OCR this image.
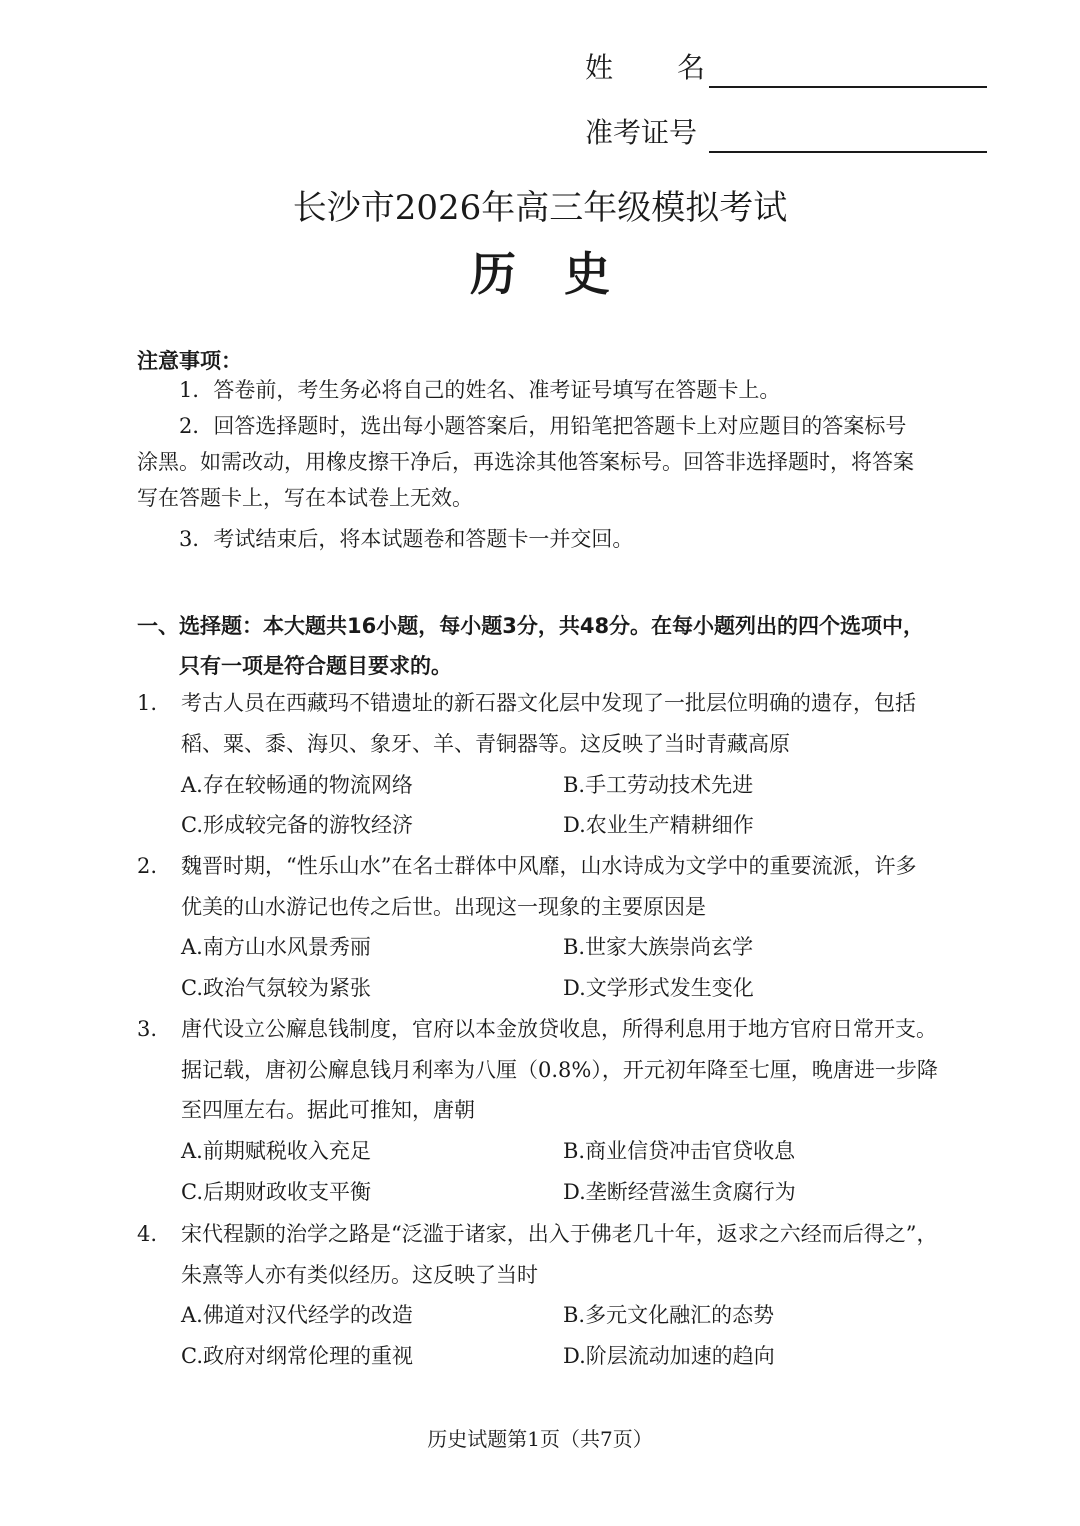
姓 名
准考证号
长沙市2026年高三年级模拟考试
历史
注意事项：
1．答卷前，考生务必将自己的姓名、准考证号填写在答题卡上。
2．回答选择题时，选出每小题答案后，用铅笔把答题卡上对应题目的答案标号
涂黑。如需改动，用橡皮擦干净后，再选涂其他答案标号。回答非选择题时，将答案
写在答题卡上，写在本试卷上无效。
3．考试结束后，将本试题卷和答题卡一并交回。
一、选择题：本大题共16小题，每小题3分，共48分。在每小题列出的四个选项中，
只有一项是符合题目要求的。
1. 考古人员在西藏玛不错遗址的新石器文化层中发现了一批层位明确的遗存，包括
稻、粟、黍、海贝、象牙、羊、青铜器等。这反映了当时青藏高原
A.存在较畅通的物流网络	B.手工劳动技术先进
C.形成较完备的游牧经济	D.农业生产精耕细作
2. 魏晋时期，“性乐山水”在名士群体中风靡，山水诗成为文学中的重要流派，许多
优美的山水游记也传之后世。出现这一现象的主要原因是
A.南方山水风景秀丽	B.世家大族崇尚玄学
C.政治气氛较为紧张	D.文学形式发生变化
3. 唐代设立公廨息钱制度，官府以本金放贷收息，所得利息用于地方官府日常开支。
据记载，唐初公廨息钱月利率为八厘（0.8%），开元初年降至七厘，晚唐进一步降
至四厘左右。据此可推知，唐朝
A.前期赋税收入充足	B.商业信贷冲击官贷收息
C.后期财政收支平衡	D.垄断经营滋生贪腐行为
4. 宋代程颢的治学之路是“泛滥于诸家，出入于佛老几十年，返求之六经而后得之”，
朱熹等人亦有类似经历。这反映了当时
A.佛道对汉代经学的改造	B.多元文化融汇的态势
C.政府对纲常伦理的重视	D.阶层流动加速的趋向
历史试题第1页（共7页）
